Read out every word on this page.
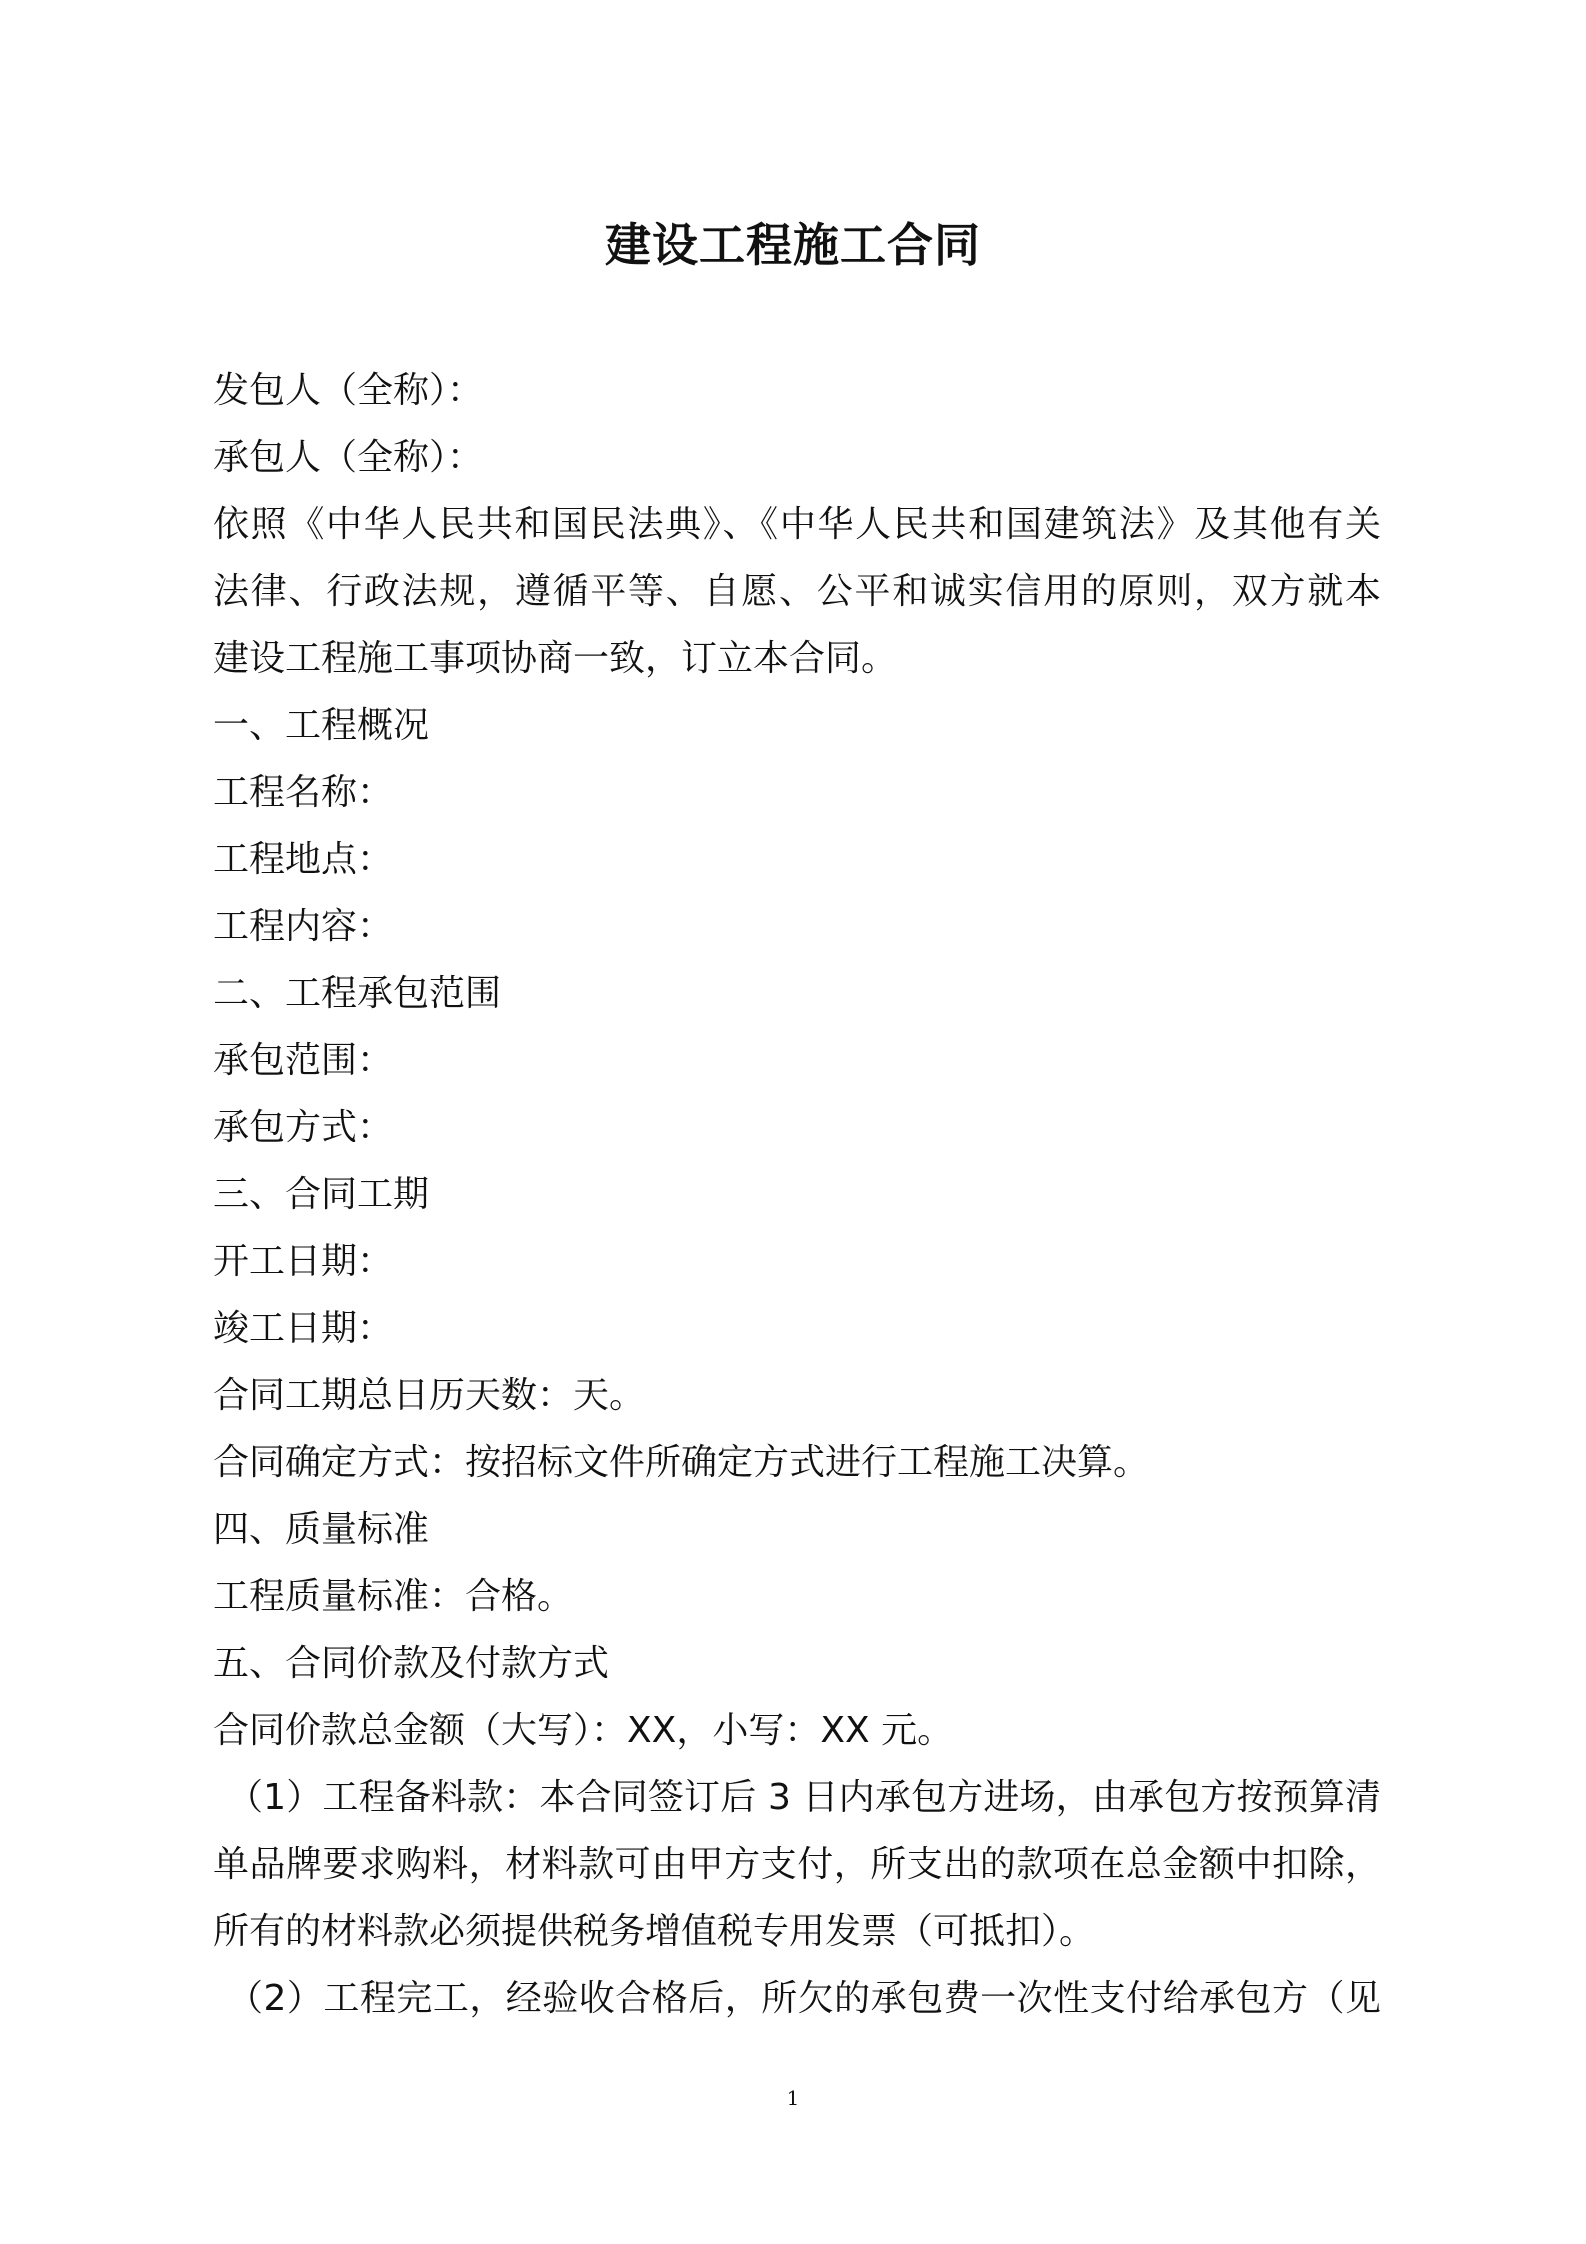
建设工程施工合同

发包人（全称）：

承包人（全称）：

依照《中华人民共和国民法典》、《中华人民共和国建筑法》及其他有关

法律、行政法规，遵循平等、自愿、公平和诚实信用的原则，双方就本

建设工程施工事项协商一致，订立本合同。

一、工程概况

工程名称：

工程地点：

工程内容：

二、工程承包范围

承包范围：

承包方式：

三、合同工期

开工日期：

竣工日期：

合同工期总日历天数：天。

合同确定方式：按招标文件所确定方式进行工程施工决算。

四、质量标准

工程质量标准：合格。

五、合同价款及付款方式

合同价款总金额（大写）：XX，小写：XX 元。

（1）工程备料款：本合同签订后 3 日内承包方进场，由承包方按预算清

单品牌要求购料，材料款可由甲方支付，所支出的款项在总金额中扣除，

所有的材料款必须提供税务增值税专用发票（可抵扣）。

（2）工程完工，经验收合格后，所欠的承包费一次性支付给承包方（见

1
